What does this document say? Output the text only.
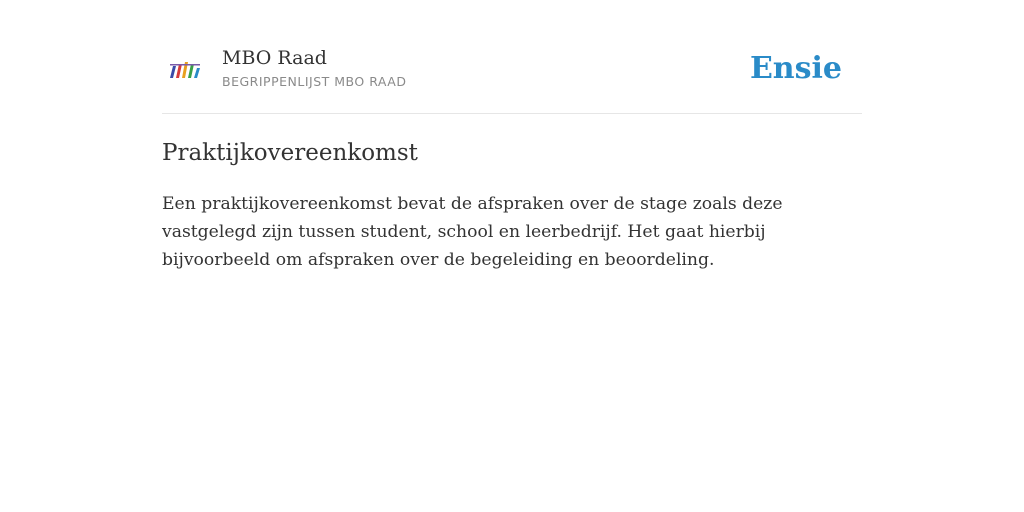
MBO Raad
BEGRIPPENLIJST MBO RAAD	Ensie
Praktijkovereenkomst

Een praktijkovereenkomst bevat de afspraken over de stage zoals deze vastgelegd zijn tussen student, school en leerbedrijf. Het gaat hierbij bijvoorbeeld om afspraken over de begeleiding en beoordeling.
